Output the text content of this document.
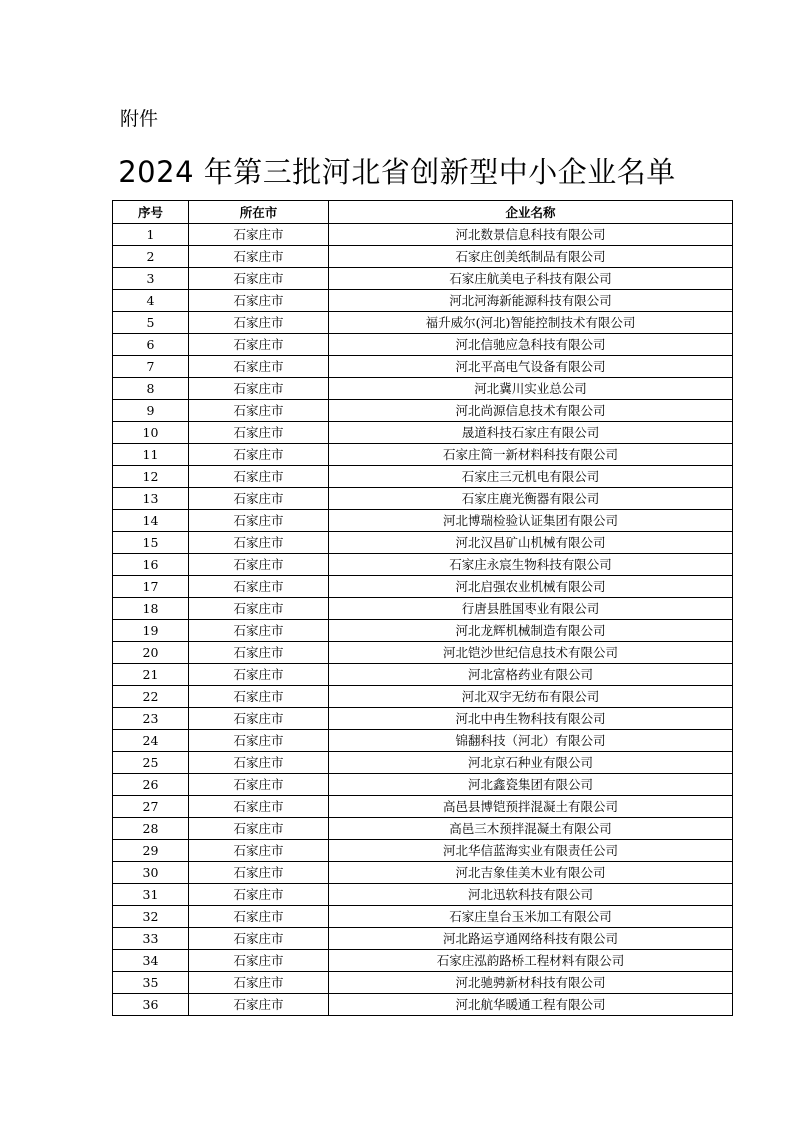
附件
2024 年第三批河北省创新型中小企业名单
序号	所在市	企业名称
1	石家庄市	河北数景信息科技有限公司
2	石家庄市	石家庄创美纸制品有限公司
3	石家庄市	石家庄航美电子科技有限公司
4	石家庄市	河北河海新能源科技有限公司
5	石家庄市	福升威尔(河北)智能控制技术有限公司
6	石家庄市	河北信驰应急科技有限公司
7	石家庄市	河北平高电气设备有限公司
8	石家庄市	河北冀川实业总公司
9	石家庄市	河北尚源信息技术有限公司
10	石家庄市	晟道科技石家庄有限公司
11	石家庄市	石家庄简一新材料科技有限公司
12	石家庄市	石家庄三元机电有限公司
13	石家庄市	石家庄鹿光衡器有限公司
14	石家庄市	河北博瑞检验认证集团有限公司
15	石家庄市	河北汉昌矿山机械有限公司
16	石家庄市	石家庄永宸生物科技有限公司
17	石家庄市	河北启强农业机械有限公司
18	石家庄市	行唐县胜国枣业有限公司
19	石家庄市	河北龙辉机械制造有限公司
20	石家庄市	河北铠沙世纪信息技术有限公司
21	石家庄市	河北富格药业有限公司
22	石家庄市	河北双宇无纺布有限公司
23	石家庄市	河北中冉生物科技有限公司
24	石家庄市	锦翻科技（河北）有限公司
25	石家庄市	河北京石种业有限公司
26	石家庄市	河北鑫瓷集团有限公司
27	石家庄市	高邑县博铠预拌混凝土有限公司
28	石家庄市	高邑三木预拌混凝土有限公司
29	石家庄市	河北华信蓝海实业有限责任公司
30	石家庄市	河北吉象佳美木业有限公司
31	石家庄市	河北迅软科技有限公司
32	石家庄市	石家庄皇台玉米加工有限公司
33	石家庄市	河北路运亨通网络科技有限公司
34	石家庄市	石家庄泓韵路桥工程材料有限公司
35	石家庄市	河北驰骋新材科技有限公司
36	石家庄市	河北航华暖通工程有限公司
